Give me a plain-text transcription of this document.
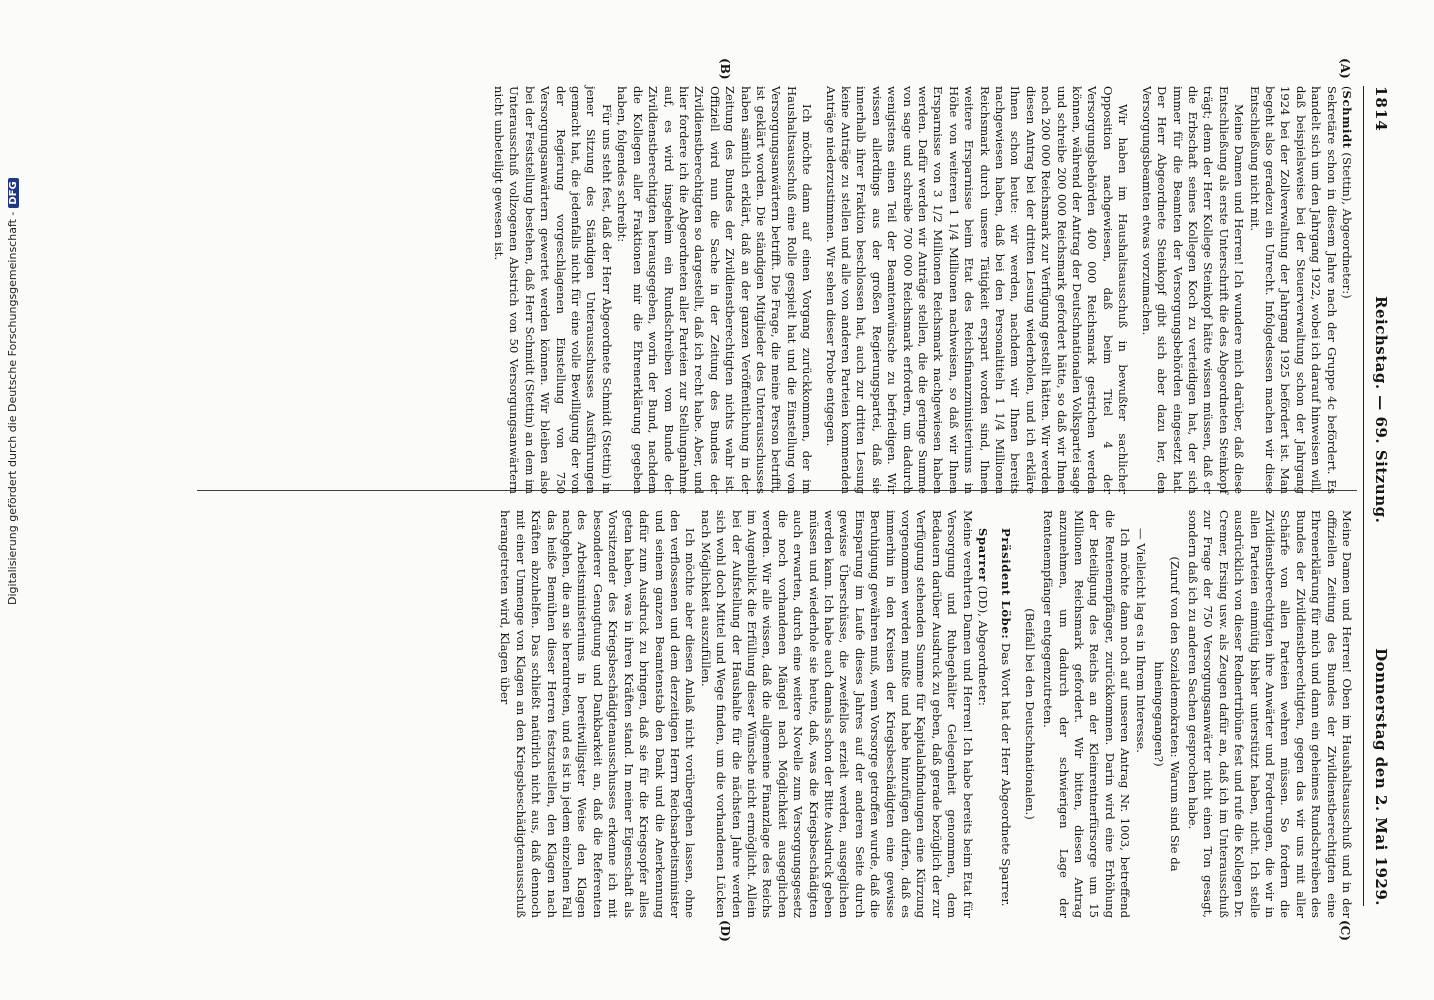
1814
Reichstag. — 69. Sitzung.
Donnerstag den 2. Mai 1929.
(A)
(B)
(C)
(D)

(Schmidt (Stettin), Abgeordneter:)

Sekretäre schon in diesem Jahre nach der Gruppe 4c befördert. Es handelt sich um den Jahrgang 1922, wobei ich darauf hinweisen will, daß beispielsweise bei der Steuerverwaltung schon der Jahrgang 1924 bei der Zollverwaltung der Jahrgang 1925 befördert ist. Man begeht also geradezu ein Unrecht. Infolgedessen machen wir diese Entschließung nicht mit.

Meine Damen und Herren! Ich wundere mich darüber, daß diese Entschließung als erste Unterschrift die des Abgeordneten Steinkopf trägt; denn der Herr Kollege Steinkopf hätte wissen müssen, daß er die Erbschaft seines Kollegen Koch zu verteidigen hat, der sich immer für die Beamten der Versorgungsbehörden eingesetzt hat. Der Herr Abgeordnete Steinkopf gibt sich aber dazu her, den Versorgungsbeamten etwas vorzumachen.

Wir haben im Haushaltsausschuß in bewußter sachlicher Opposition nachgewiesen, daß beim Titel 4 der Versorgungsbehörden 400 000 Reichsmark gestrichen werden können, während der Antrag der Deutschnationalen Volkspartei sage und schreibe 200 000 Reichsmark gefordert hätte, so daß wir Ihnen noch 200 000 Reichsmark zur Verfügung gestellt hätten. Wir werden diesen Antrag bei der dritten Lesung wiederholen, und ich erkläre Ihnen schon heute: wir werden, nachdem wir Ihnen bereits nachgewiesen haben, daß bei den Personaltiteln 1 1/4 Millionen Reichsmark durch unsere Tätigkeit erspart worden sind, Ihnen weitere Ersparnisse beim Etat des Reichsfinanzministeriums in Höhe von weiteren 1 1/4 Millionen nachweisen, so daß wir Ihnen Ersparnisse von 3 1/2 Millionen Reichsmark nachgewiesen haben werden. Dafür werden wir Anträge stellen, die die geringe Summe von sage und schreibe 700 000 Reichsmark erfordern, um dadurch wenigstens einen Teil der Beamtenwünsche zu befriedigen. Wir wissen allerdings aus der großen Regierungspartei, daß sie innerhalb ihrer Fraktion beschlossen hat, auch zur dritten Lesung keine Anträge zu stellen und alle von anderen Parteien kommenden Anträge niederzustimmen. Wir sehen dieser Probe entgegen.

Ich möchte dann auf einen Vorgang zurückkommen, der im Haushaltsausschuß eine Rolle gespielt hat und die Einstellung von Versorgungsanwärtern betrifft. Die Frage, die meine Person betrifft, ist geklärt worden. Die ständigen Mitglieder des Unterausschusses haben sämtlich erklärt, daß an der ganzen Veröffentlichung in der Zeitung des Bundes der Zivildienstberechtigten nichts wahr ist. Offiziell wird nun die Sache in der Zeitung des Bundes der Zivildienstberechtigten so dargestellt, daß ich recht habe. Aber, und hier fordere ich die Abgeordneten aller Parteien zur Stellungnahme auf, es wird insgeheim ein Rundschreiben vom Bunde der Zivildienstberechtigten herausgegeben, worin der Bund, nachdem die Kollegen aller Fraktionen mir die Ehrenerklärung gegeben haben, folgendes schreibt:

Für uns steht fest, daß der Herr Abgeordnete Schmidt (Stettin) in jener Sitzung des Ständigen Unterausschusses Ausführungen gemacht hat, die jedenfalls nicht für eine volle Bewilligung der von der Regierung vorgeschlagenen Einstellung von 750 Versorgungsanwärtern gewertet werden können. Wir bleiben also bei der Feststellung bestehen, daß Herr Schmidt (Stettin) an dem im Unterausschuß vollzogenen Abstrich von 50 Versorgungsanwärtern nicht unbeteiligt gewesen ist.

Meine Damen und Herren! Oben im Haushaltsausschuß und in der offiziellen Zeitung des Bundes der Zivildienstberechtigten eine Ehrenerklärung für mich und dann ein geheimes Rundschreiben des Bundes der Zivildienstberechtigten, gegen das wir uns mit aller Schärfe von allen Parteien wehren müssen. So fordern die Zivildienstberechtigten ihre Anwärter und Forderungen, die wir in allen Parteien einmütig bisher unterstützt haben, nicht. Ich stelle ausdrücklich von dieser Rednertribüne fest und rufe die Kollegen Dr. Cremer, Ersing usw. als Zeugen dafür an, daß ich im Unterausschuß zur Frage der 750 Versorgungsanwärter nicht einen Ton gesagt, sondern daß ich zu anderen Sachen gesprochen habe.

(Zuruf von den Sozialdemokraten: Warum sind Sie da hineingegangen?)

— Vielleicht lag es in Ihrem Interesse.

Ich möchte dann noch auf unseren Antrag Nr. 1003, betreffend die Rentenempfänger, zurückkommen. Darin wird eine Erhöhung der Beteiligung des Reichs an der Kleinrentnerfürsorge um 15 Millionen Reichsmark gefordert. Wir bitten, diesen Antrag anzunehmen, um dadurch der schwierigen Lage der Rentenempfänger entgegenzutreten.

(Beifall bei den Deutschnationalen.)

Präsident Löbe: Das Wort hat der Herr Abgeordnete Sparrer.

Sparrer (DD), Abgeordneter:

Meine verehrten Damen und Herren! Ich habe bereits beim Etat für Versorgung und Ruhegehälter Gelegenheit genommen, dem Bedauern darüber Ausdruck zu geben, daß gerade bezüglich der zur Verfügung stehenden Summe für Kapitalabfindungen eine Kürzung vorgenommen werden mußte und habe hinzufügen dürfen, daß es immerhin in den Kreisen der Kriegsbeschädigten eine gewisse Beruhigung gewähren muß, wenn Vorsorge getroffen wurde, daß die Einsparung im Laufe dieses Jahres auf der anderen Seite durch gewisse Überschüsse, die zweifellos erzielt werden, ausgeglichen werden kann. Ich habe auch damals schon der Bitte Ausdruck geben müssen und wiederhole sie heute, daß, was die Kriegsbeschädigten auch erwarten, durch eine weitere Novelle zum Versorgungsgesetz die noch vorhandenen Mängel nach Möglichkeit ausgeglichen werden. Wir alle wissen, daß die allgemeine Finanzlage des Reichs im Augenblick die Erfüllung dieser Wünsche nicht ermöglicht. Allein bei der Aufstellung der Haushalte für die nächsten Jahre werden sich wohl doch Mittel und Wege finden, um die vorhandenen Lücken nach Möglichkeit auszufüllen.

Ich möchte aber diesen Anlaß nicht vorübergehen lassen, ohne den verflossenen und dem derzeitigen Herrn Reichsarbeitsminister und seinem ganzen Beamtenstab den Dank und die Anerkennung dafür zum Ausdruck zu bringen, daß sie für die Kriegsopfer alles getan haben, was in ihren Kräften stand. In meiner Eigenschaft als Vorsitzender des Kriegsbeschädigtenausschusses erkenne ich mit besonderer Genugtuung und Dankbarkeit an, daß die Referenten des Arbeitsministeriums in bereitwilligster Weise den Klagen nachgehen, die an sie herantreten, und es ist in jedem einzelnen Fall das heiße Bemühen dieser Herren festzustellen, den Klagen nach Kräften abzuhelfen. Das schließt natürlich nicht aus, daß dennoch mit einer Unmenge von Klagen an den Kriegsbeschädigtenausschuß herangetreten wird, Klagen über

Digitalisierung gefördert durch die Deutsche Forschungsgemeinschaft -DFG
